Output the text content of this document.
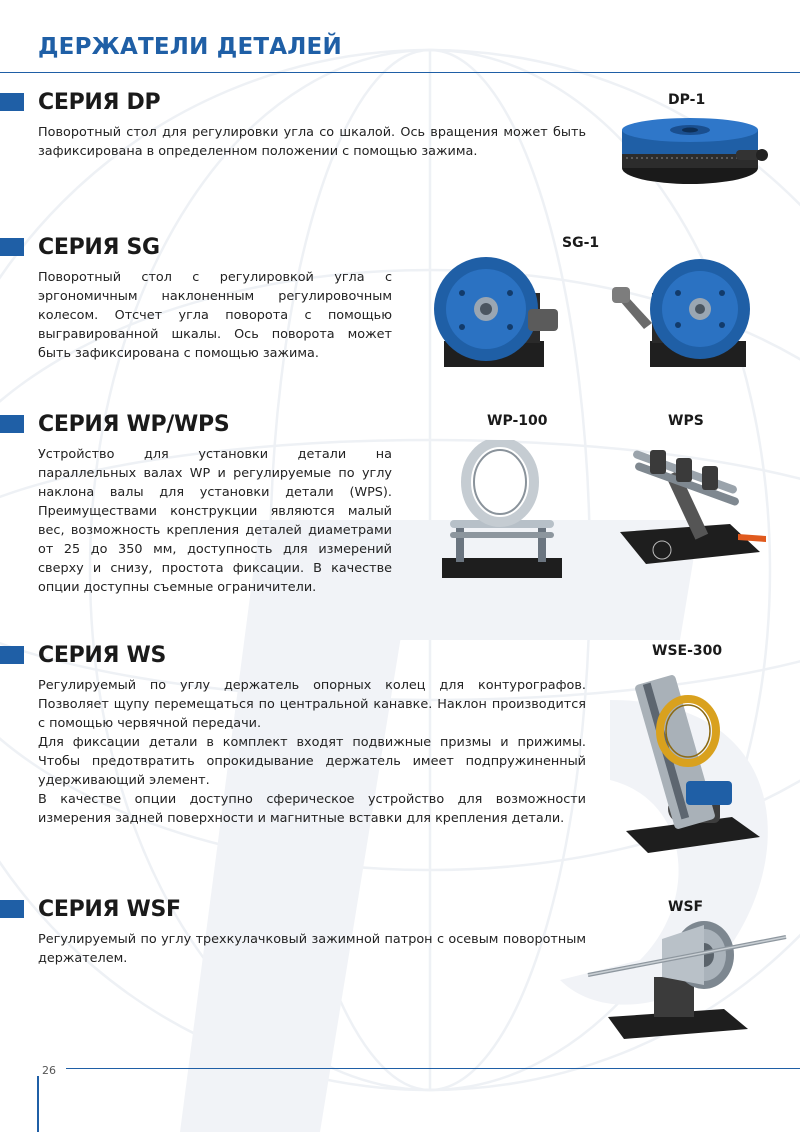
ДЕРЖАТЕЛИ ДЕТАЛЕЙ
СЕРИЯ DP

Поворотный стол для регулировки угла со шкалой. Ось вращения может быть зафиксирована в определенном положении с помощью зажима.

DP-1

СЕРИЯ SG

Поворотный стол с регулировкой угла с эргономичным наклоненным регулировочным колесом. Отсчет угла поворота с помощью выгравированной шкалы. Ось поворота может быть зафиксирована с помощью зажима.

SG-1

СЕРИЯ WP/WPS

Устройство для установки детали на параллельных валах WP и регулируемые по углу наклона валы для установки детали (WPS). Преимуществами конструкции являются малый вес, возможность крепления деталей диаметрами от 25 до 350 мм, доступность для измерений сверху и снизу, простота фиксации. В качестве опции доступны съемные ограничители.

WP-100	WPS

СЕРИЯ WS

Регулируемый по углу держатель опорных колец для контурографов. Позволяет щупу перемещаться по центральной канавке. Наклон производится с помощью червячной передачи.

Для фиксации детали в комплект входят подвижные призмы и прижимы. Чтобы предотвратить опрокидывание держатель имеет подпружиненный удерживающий элемент.

В качестве опции доступно сферическое устройство для возможности измерения задней поверхности и магнитные вставки для крепления детали.

WSE-300

СЕРИЯ WSF

Регулируемый по углу трехкулачковый зажимной патрон с осевым поворотным держателем.

WSF

26
